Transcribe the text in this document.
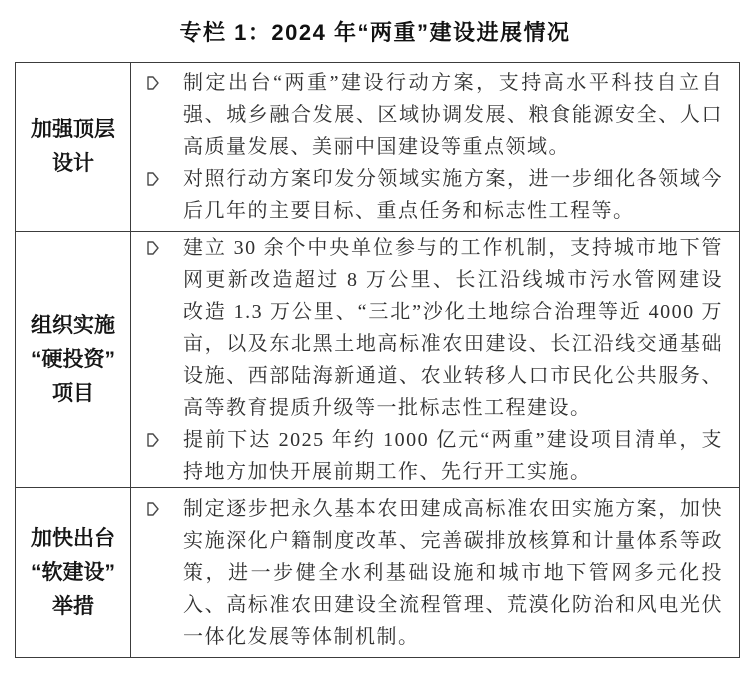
专栏 1：2024 年“两重”建设进展情况
加强顶层
设计
制定出台“两重”建设行动方案，支持高水平科技自立自强、城乡融合发展、区域协调发展、粮食能源安全、人口高质量发展、美丽中国建设等重点领域。
对照行动方案印发分领域实施方案，进一步细化各领域今后几年的主要目标、重点任务和标志性工程等。
组织实施
“硬投资”
项目
建立 30 余个中央单位参与的工作机制，支持城市地下管网更新改造超过 8 万公里、长江沿线城市污水管网建设改造 1.3 万公里、“三北”沙化土地综合治理等近 4000 万亩，以及东北黑土地高标准农田建设、长江沿线交通基础设施、西部陆海新通道、农业转移人口市民化公共服务、高等教育提质升级等一批标志性工程建设。
提前下达 2025 年约 1000 亿元“两重”建设项目清单，支持地方加快开展前期工作、先行开工实施。
加快出台
“软建设”
举措
制定逐步把永久基本农田建成高标准农田实施方案，加快实施深化户籍制度改革、完善碳排放核算和计量体系等政策，进一步健全水利基础设施和城市地下管网多元化投入、高标准农田建设全流程管理、荒漠化防治和风电光伏一体化发展等体制机制。
